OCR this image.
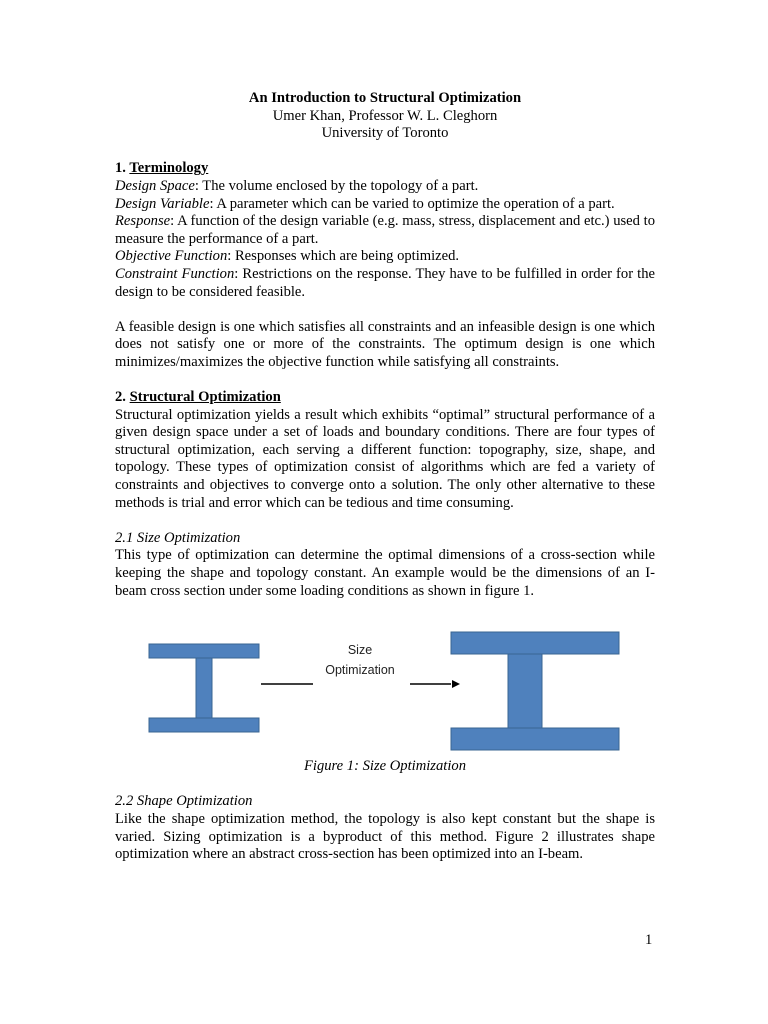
An Introduction to Structural Optimization
Umer Khan, Professor W. L. Cleghorn
University of Toronto
1. Terminology

Design Space: The volume enclosed by the topology of a part.

Design Variable: A parameter which can be varied to optimize the operation of a part.

Response: A function of the design variable (e.g. mass, stress, displacement and etc.) used to measure the performance of a part.

Objective Function: Responses which are being optimized.

Constraint Function: Restrictions on the response. They have to be fulfilled in order for the design to be considered feasible.

A feasible design is one which satisfies all constraints and an infeasible design is one which does not satisfy one or more of the constraints. The optimum design is one which minimizes/maximizes the objective function while satisfying all constraints.

2. Structural Optimization

Structural optimization yields a result which exhibits “optimal” structural performance of a given design space under a set of loads and boundary conditions. There are four types of structural optimization, each serving a different function: topography, size, shape, and topology. These types of optimization consist of algorithms which are fed a variety of constraints and objectives to converge onto a solution. The only other alternative to these methods is trial and error which can be tedious and time consuming.

2.1 Size Optimization

This type of optimization can determine the optimal dimensions of a cross-section while keeping the shape and topology constant. An example would be the dimensions of an I-beam cross section under some loading conditions as shown in figure 1.

Size
Optimization
Figure 1: Size Optimization
2.2 Shape Optimization

Like the shape optimization method, the topology is also kept constant but the shape is varied. Sizing optimization is a byproduct of this method. Figure 2 illustrates shape optimization where an abstract cross-section has been optimized into an I-beam.

1
